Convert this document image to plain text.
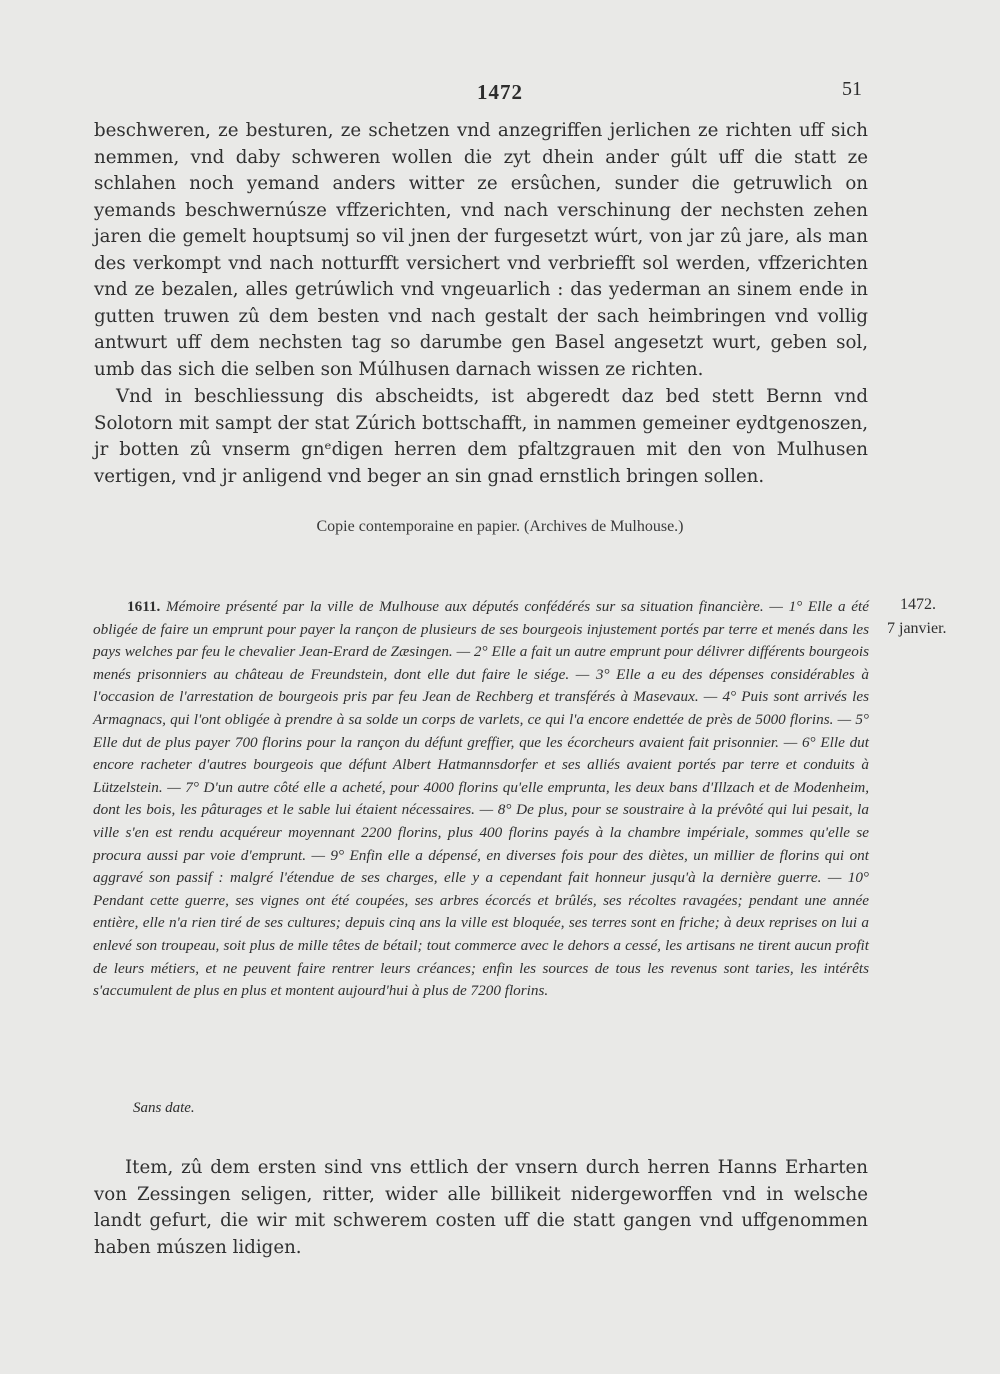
1472	51

beschweren, ze besturen, ze schetzen vnd anzegriffen jerlichen ze richten uff sich nemmen, vnd daby schweren wollen die zyt dhein ander gúlt uff die statt ze schlahen noch yemand anders witter ze ersûchen, sunder die getruwlich on yemands beschwernúsze vffzerichten, vnd nach verschinung der nechsten zehen jaren die gemelt houptsumj so vil jnen der furgesetzt wúrt, von jar zû jare, als man des verkompt vnd nach notturfft versichert vnd verbriefft sol werden, vffzerichten vnd ze bezalen, alles getrúwlich vnd vngeuarlich : das yederman an sinem ende in gutten truwen zû dem besten vnd nach gestalt der sach heimbringen vnd vollig antwurt uff dem nechsten tag so darumbe gen Basel angesetzt wurt, geben sol, umb das sich die selben son Múlhusen darnach wissen ze richten.

Vnd in beschliessung dis abscheidts, ist abgeredt daz bed stett Bernn vnd Solotorn mit sampt der stat Zúrich bottschafft, in nammen gemeiner eydtgenoszen, jr botten zû vnserm gnᵉdigen herren dem pfaltzgrauen mit den von Mulhusen vertigen, vnd jr anligend vnd beger an sin gnad ernstlich bringen sollen.

Copie contemporaine en papier. (Archives de Mulhouse.)

1611. Mémoire présenté par la ville de Mulhouse aux députés confédérés sur sa situation financière. — 1° Elle a été obligée de faire un emprunt pour payer la rançon de plusieurs de ses bourgeois injustement portés par terre et menés dans les pays welches par feu le chevalier Jean-Erard de Zæsingen. — 2° Elle a fait un autre emprunt pour délivrer différents bourgeois menés prisonniers au château de Freundstein, dont elle dut faire le siége. — 3° Elle a eu des dépenses considérables à l'occasion de l'arrestation de bourgeois pris par feu Jean de Rechberg et transférés à Masevaux. — 4° Puis sont arrivés les Armagnacs, qui l'ont obligée à prendre à sa solde un corps de varlets, ce qui l'a encore endettée de près de 5000 florins. — 5° Elle dut de plus payer 700 florins pour la rançon du défunt greffier, que les écorcheurs avaient fait prisonnier. — 6° Elle dut encore racheter d'autres bourgeois que défunt Albert Hatmannsdorfer et ses alliés avaient portés par terre et conduits à Lützelstein. — 7° D'un autre côté elle a acheté, pour 4000 florins qu'elle emprunta, les deux bans d'Illzach et de Modenheim, dont les bois, les pâturages et le sable lui étaient nécessaires. — 8° De plus, pour se soustraire à la prévôté qui lui pesait, la ville s'en est rendu acquéreur moyennant 2200 florins, plus 400 florins payés à la chambre impériale, sommes qu'elle se procura aussi par voie d'emprunt. — 9° Enfin elle a dépensé, en diverses fois pour des diètes, un millier de florins qui ont aggravé son passif : malgré l'étendue de ses charges, elle y a cependant fait honneur jusqu'à la dernière guerre. — 10° Pendant cette guerre, ses vignes ont été coupées, ses arbres écorcés et brûlés, ses récoltes ravagées; pendant une année entière, elle n'a rien tiré de ses cultures; depuis cinq ans la ville est bloquée, ses terres sont en friche; à deux reprises on lui a enlevé son troupeau, soit plus de mille têtes de bétail; tout commerce avec le dehors a cessé, les artisans ne tirent aucun profit de leurs métiers, et ne peuvent faire rentrer leurs créances; enfin les sources de tous les revenus sont taries, les intérêts s'accumulent de plus en plus et montent aujourd'hui à plus de 7200 florins.

1472.
7 janvier.
Sans date.

Item, zû dem ersten sind vns ettlich der vnsern durch herren Hanns Erharten von Zessingen seligen, ritter, wider alle billikeit nidergeworffen vnd in welsche landt gefurt, die wir mit schwerem costen uff die statt gangen vnd uffgenommen haben múszen lidigen.
